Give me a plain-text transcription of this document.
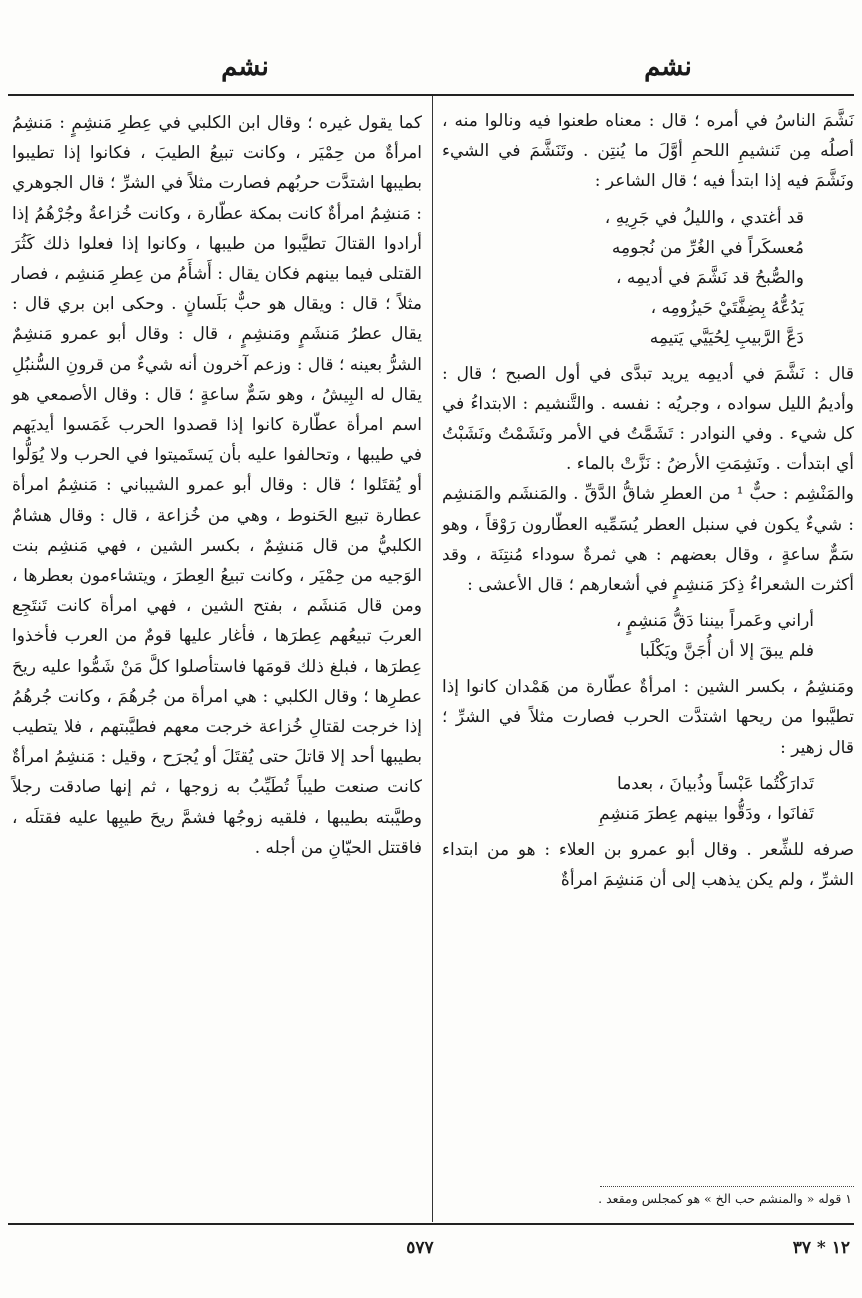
نشم
نشم

نَشَّمَ الناسُ في أمره ؛ قال : معناه طعنوا فيه ونالوا منه ، أصلُه مِن تَنشيمِ اللحمِ أوَّلَ ما يُنتِن . وتَنَشَّمَ في الشيء ونَشَّمَ فيه إذا ابتدأ فيه ؛ قال الشاعر :

قد أغتدي ، والليلُ في جَرِيهِ ،
مُعسكَراً في الغُرِّ من نُجومِه
والصُّبحُ قد نَشَّمَ في أديمِه ،
يَدُعُّهُ بِضِفَّتَيْ حَيزُومِه ،
دَعَّ الرَّبيبِ لِحُيَيَّي يَتيمِه

قال : نَشَّمَ في أديمِه يريد تبدَّى في أول الصبح ؛ قال : وأديمُ الليل سواده ، وجريُه : نفسه . والتَّنشيم : الابتداءُ في كل شيء . وفي النوادر : تَشَمَّتُ في الأمر ونَشَمْتُ ونَشَبْتُ أي ابتدأت . ونَشِمَتِ الأرضُ : نَزَّتْ بالماء .

والمَنْشِم : حبٌّ ¹ من العطرِ شاقُّ الدَّقِّ . والمَنشَم والمَنشِم : شيءٌ يكون في سنبل العطر يُسَمِّيه العطّارون رَوْقاً ، وهو سَمٌّ ساعةٍ ، وقال بعضهم : هي ثمرةٌ سوداء مُنتِنَة ، وقد أكثرت الشعراءُ ذِكرَ مَنشِمٍ في أشعارهم ؛ قال الأعشى :

أراني وعَمراً بيننا دَقُّ مَنشِمٍ ،
فلم يبقَ إلا أن أُجَنَّ ويَكْلَبا

ومَنشِمُ ، بكسر الشين : امرأةٌ عطّارة من هَمْدان كانوا إذا تطيَّبوا من ريحها اشتدَّت الحرب فصارت مثلاً في الشرِّ ؛ قال زهير :

تَدارَكْتُما عَبْساً وذُبيانَ ، بعدما
تَفانَوا ، ودَقُّوا بينهم عِطرَ مَنشِمِ

صرفه للشِّعر . وقال أبو عمرو بن العلاء : هو من ابتداء الشرِّ ، ولم يكن يذهب إلى أن مَنشِمَ امرأةٌ

١ قوله « والمنشم حب الخ » هو كمجلس ومقعد .

كما يقول غيره ؛ وقال ابن الكلبي في عِطرِ مَنشِمٍ : مَنشِمُ امرأةٌ من حِمْيَر ، وكانت تبيعُ الطيبَ ، فكانوا إذا تطيبوا بطيبها اشتدَّت حربُهم فصارت مثلاً في الشرِّ ؛ قال الجوهري : مَنشِمُ امرأةٌ كانت بمكة عطّارة ، وكانت خُزاعةُ وجُرْهُمُ إذا أرادوا القتالَ تطيَّبوا من طيبها ، وكانوا إذا فعلوا ذلك كَثُرَ القتلى فيما بينهم فكان يقال : أَشأَمُ من عِطرِ مَنشِم ، فصار مثلاً ؛ قال : ويقال هو حبٌّ بَلَسانٍ . وحكى ابن بري قال : يقال عطرُ مَنشَمٍ ومَنشِمٍ ، قال : وقال أبو عمرو مَنشِمٌ الشرُّ بعينه ؛ قال : وزعم آخرون أنه شيءٌ من قرونِ السُّنبُلِ يقال له البِيشُ ، وهو سَمٌّ ساعةٍ ؛ قال : وقال الأصمعي هو اسم امرأة عطّارة كانوا إذا قصدوا الحرب غَمَسوا أيديَهم في طيبها ، وتحالفوا عليه بأن يَستَميتوا في الحرب ولا يُوَلُّوا أو يُقتَلوا ؛ قال : وقال أبو عمرو الشيباني : مَنشِمُ امرأة عطارة تبيع الحَنوط ، وهي من خُزاعة ، قال : وقال هشامٌ الكلبيُّ من قال مَنشِمٌ ، بكسر الشين ، فهي مَنشِم بنت الوَجيه من حِمْيَر ، وكانت تبيعُ العِطرَ ، ويتشاءمون بعطرها ، ومن قال مَنشَم ، بفتح الشين ، فهي امرأة كانت تَنتَجِع العربَ تبيعُهم عِطرَها ، فأغار عليها قومٌ من العرب فأخذوا عِطرَها ، فبلغ ذلك قومَها فاستأصلوا كلَّ مَنْ شَمُّوا عليه ريحَ عطرِها ؛ وقال الكلبي : هي امرأة من جُرهُمَ ، وكانت جُرهُمُ إذا خرجت لقتالِ خُزاعة خرجت معهم فطيَّبتهم ، فلا يتطيب بطيبها أحد إلا قاتلَ حتى يُقتَلَ أو يُجرَح ، وقيل : مَنشِمُ امرأةٌ كانت صنعت طيباً تُطَيِّبُ به زوجها ، ثم إنها صادقت رجلاً وطيَّبته بطيبها ، فلقيه زوجُها فشمَّ ريحَ طيبِها عليه فقتلَه ، فاقتتل الحيّانِ من أجله .

٥٧٧	١٢ * ٣٧
